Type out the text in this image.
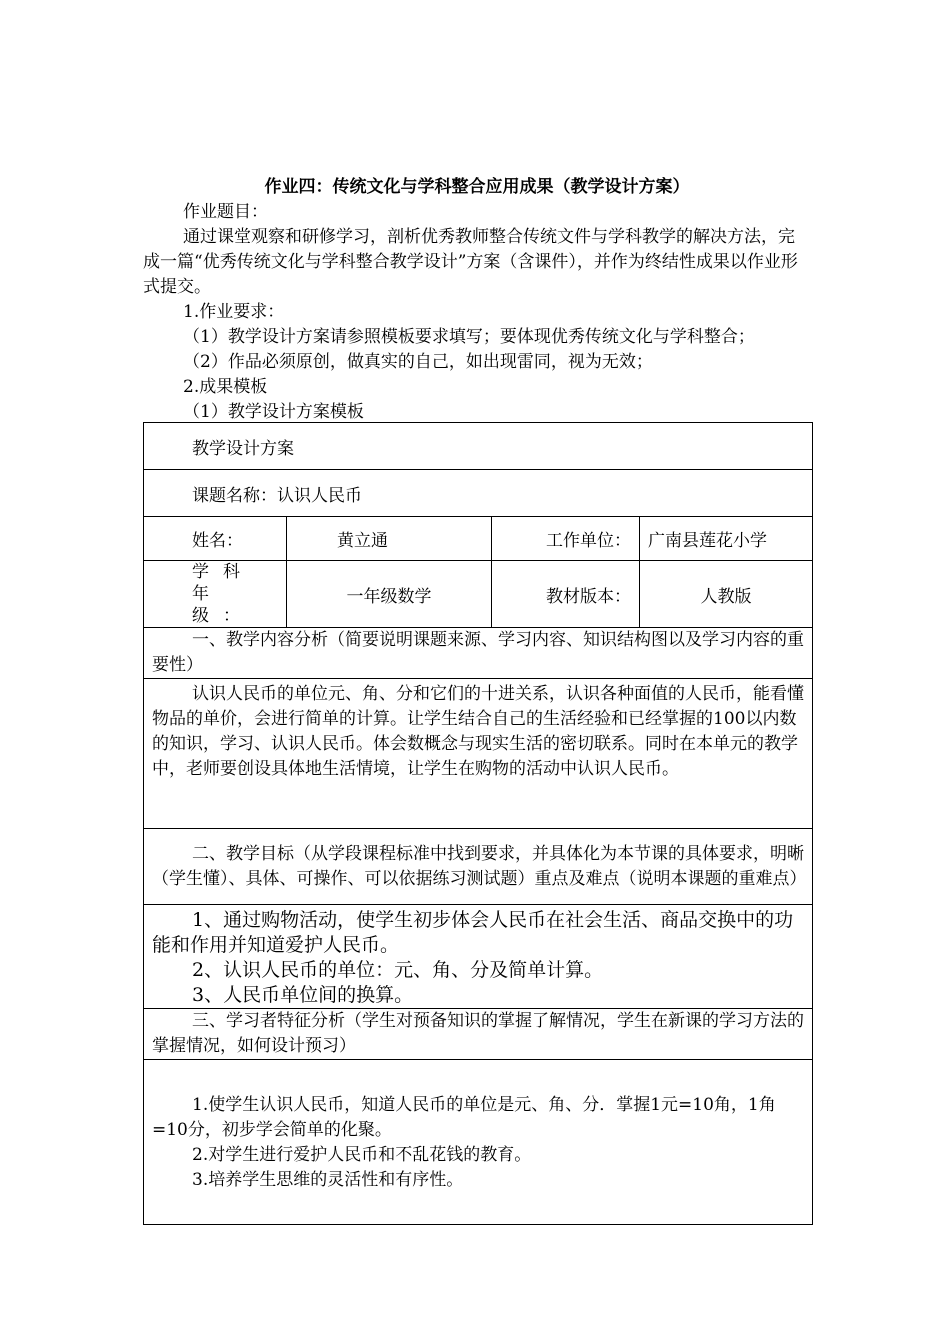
作业四：传统文化与学科整合应用成果（教学设计方案）

作业题目：

通过课堂观察和研修学习，剖析优秀教师整合传统文件与学科教学的解决方法，完成一篇“优秀传统文化与学科整合教学设计”方案（含课件），并作为终结性成果以作业形式提交。

1.作业要求：

（1）教学设计方案请参照模板要求填写；要体现优秀传统文化与学科整合；

（2）作品必须原创，做真实的自己，如出现雷同，视为无效；

2.成果模板

（1）教学设计方案模板

教学设计方案			
课题名称：认识人民币			
姓名：	黄立通	工作单位：	广南县莲花小学
学科年级：	一年级数学	教材版本：	人教版
一、教学内容分析（简要说明课题来源、学习内容、知识结构图以及学习内容的重要性）			
认识人民币的单位元、角、分和它们的十进关系，认识各种面值的人民币，能看懂物品的单价，会进行简单的计算。让学生结合自己的生活经验和已经掌握的100以内数的知识，学习、认识人民币。体会数概念与现实生活的密切联系。同时在本单元的教学中，老师要创设具体地生活情境，让学生在购物的活动中认识人民币。			
二、教学目标（从学段课程标准中找到要求，并具体化为本节课的具体要求，明晰（学生懂）、具体、可操作、可以依据练习测试题）重点及难点（说明本课题的重难点）			

1、通过购物活动，使学生初步体会人民币在社会生活、商品交换中的功能和作用并知道爱护人民币。
2、认识人民币的单位：元、角、分及简单计算。
3、人民币单位间的换算。			

三、学习者特征分析（学生对预备知识的掌握了解情况，学生在新课的学习方法的掌握情况，如何设计预习）			

1.使学生认识人民币，知道人民币的单位是元、角、分．掌握1元=10角，1角=10分，初步学会简单的化聚。
2.对学生进行爱护人民币和不乱花钱的教育。
3.培养学生思维的灵活性和有序性。			
